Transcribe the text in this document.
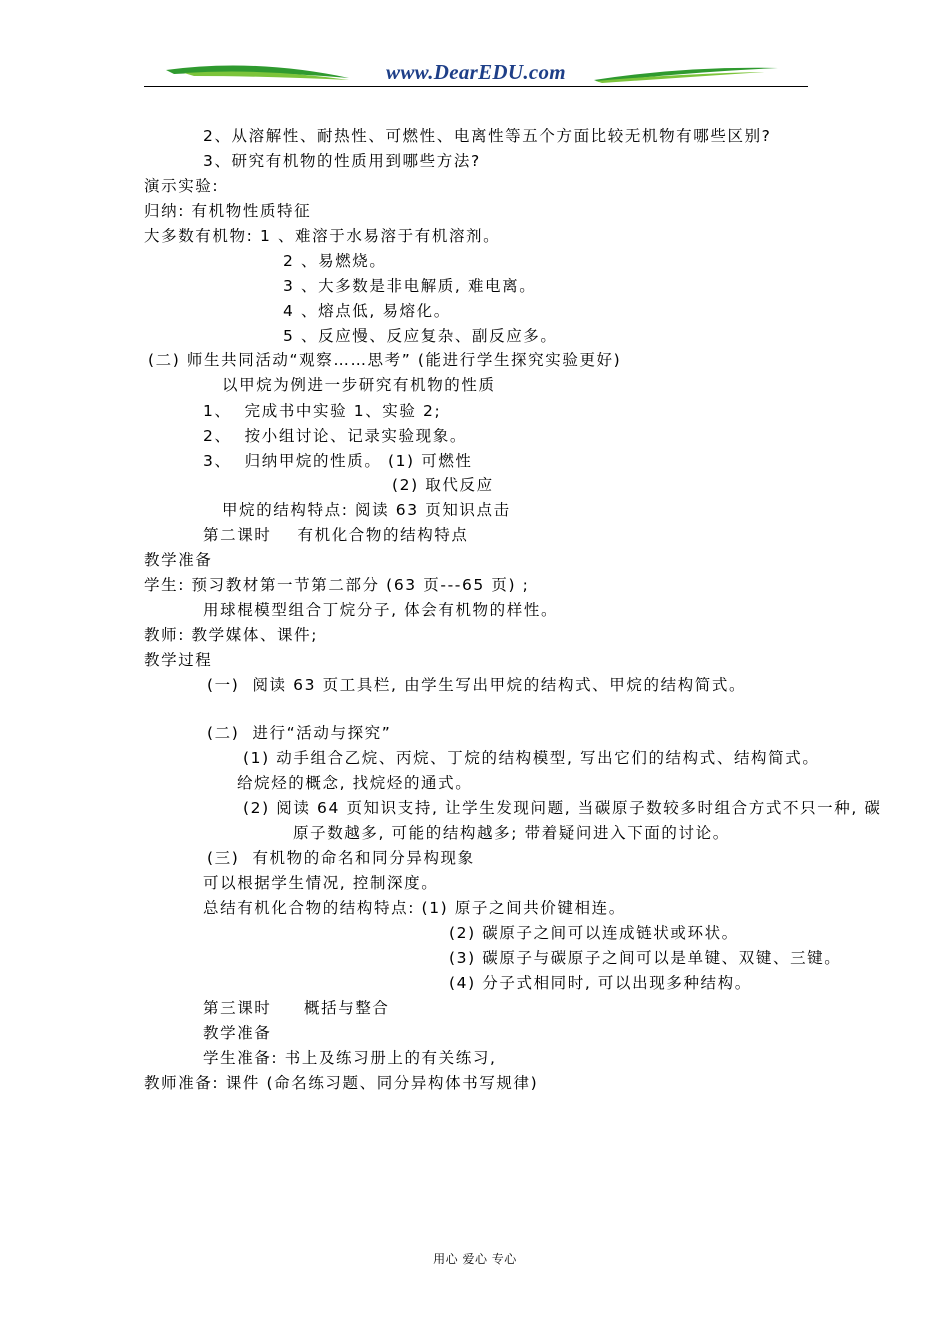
www.DearEDU.com
2、从溶解性、耐热性、可燃性、电离性等五个方面比较无机物有哪些区别?
3、研究有机物的性质用到哪些方法?
演示实验:
归纳: 有机物性质特征
大多数有机物: 1 、难溶于水易溶于有机溶剂。
2 、易燃烧。
3 、大多数是非电解质, 难电离。
4 、熔点低, 易熔化。
5 、反应慢、反应复杂、副反应多。
(二) 师生共同活动“观察……思考” (能进行学生探究实验更好)
以甲烷为例进一步研究有机物的性质
1、  完成书中实验 1、实验 2;
2、  按小组讨论、记录实验现象。
3、  归纳甲烷的性质。 (1) 可燃性
(2) 取代反应
甲烷的结构特点: 阅读 63 页知识点击
第二课时    有机化合物的结构特点
教学准备
学生: 预习教材第一节第二部分 (63 页---65 页) ;
用球棍模型组合丁烷分子, 体会有机物的样性。
教师: 教学媒体、课件;
教学过程
(一)  阅读 63 页工具栏, 由学生写出甲烷的结构式、甲烷的结构简式。
(二)  进行“活动与探究”
(1) 动手组合乙烷、丙烷、丁烷的结构模型, 写出它们的结构式、结构简式。
给烷烃的概念, 找烷烃的通式。
(2) 阅读 64 页知识支持, 让学生发现问题, 当碳原子数较多时组合方式不只一种, 碳
原子数越多, 可能的结构越多; 带着疑问进入下面的讨论。
(三)  有机物的命名和同分异构现象
可以根据学生情况, 控制深度。
总结有机化合物的结构特点: (1) 原子之间共价键相连。
(2) 碳原子之间可以连成链状或环状。
(3) 碳原子与碳原子之间可以是单键、双键、三键。
(4) 分子式相同时, 可以出现多种结构。
第三课时     概括与整合
教学准备
学生准备: 书上及练习册上的有关练习,
教师准备: 课件 (命名练习题、同分异构体书写规律)
用心 爱心 专心
